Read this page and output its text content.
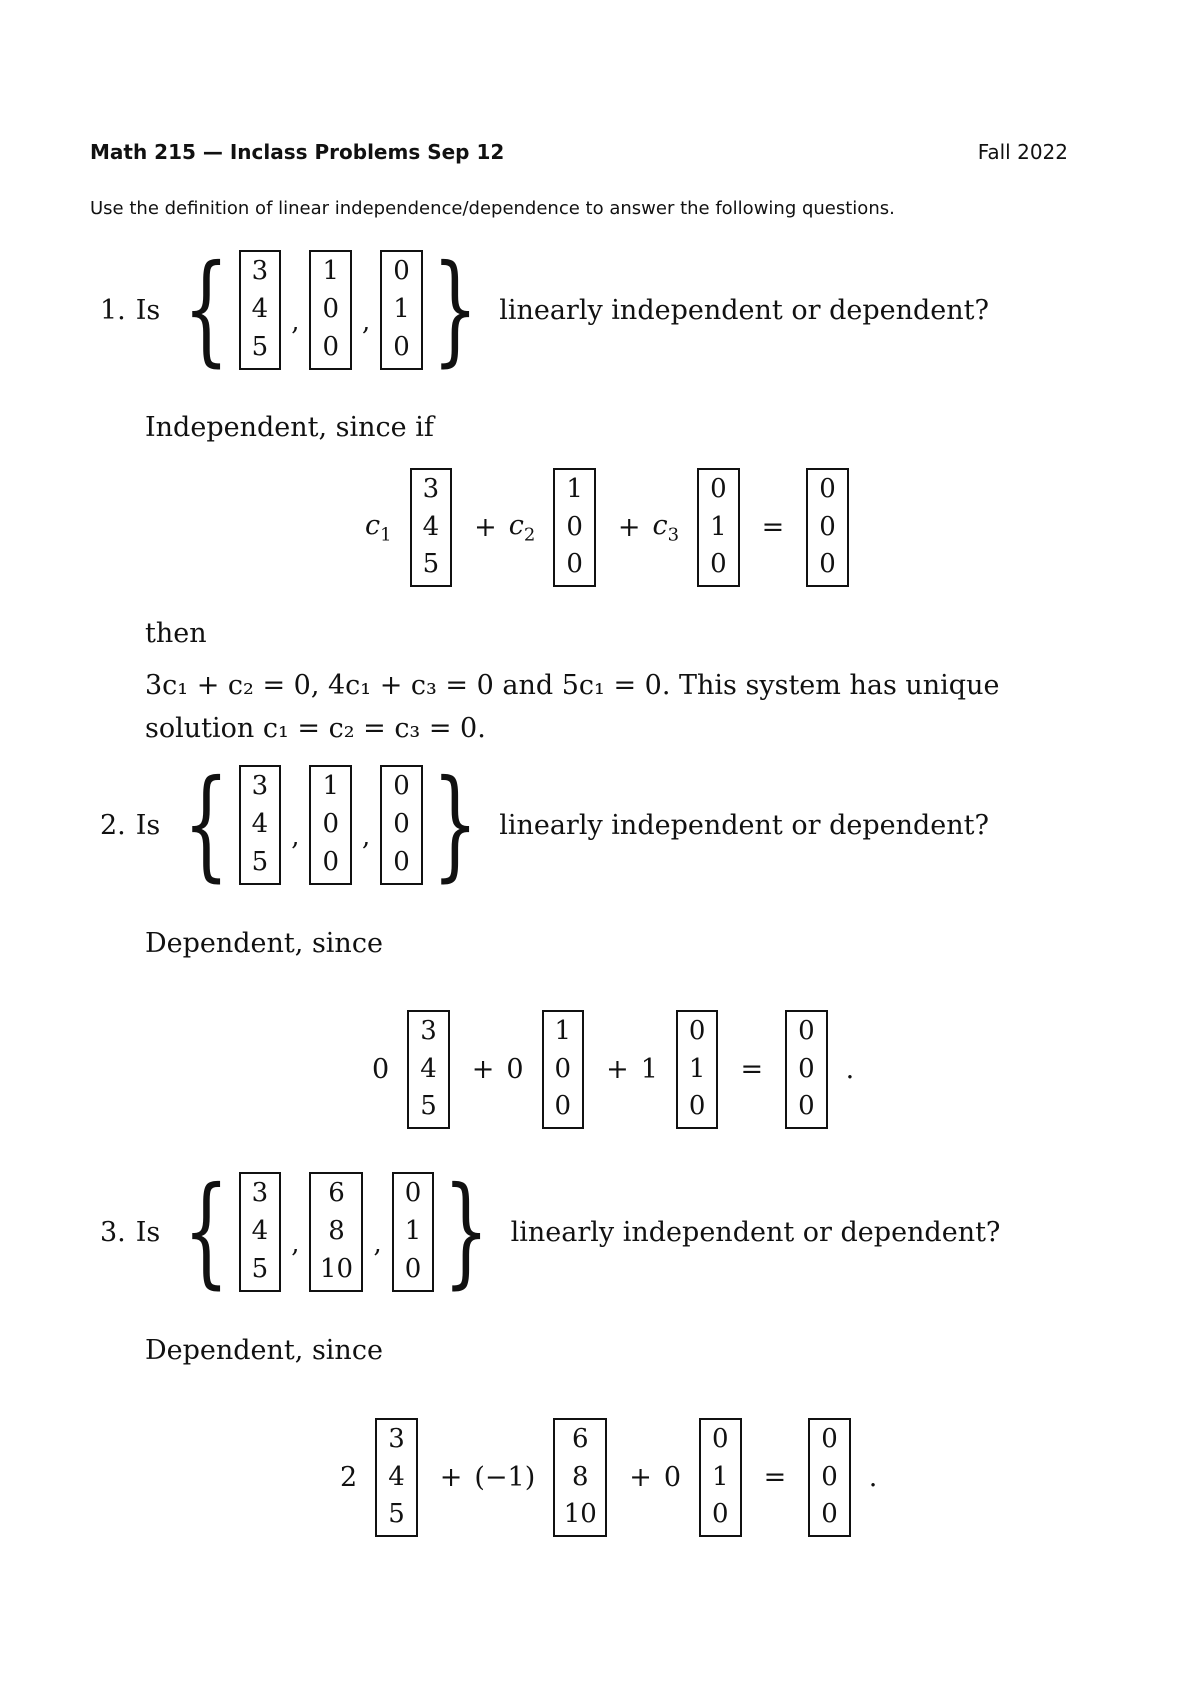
Math 215 — Inclass Problems Sep 12	Fall 2022
Use the definition of linear independence/dependence to answer the following questions.
1. Is { 3
4
5
,
1
0
0
,
0
1
0 } linearly independent or dependent?
Independent, since if
$c_1$
3
4
5
+ $c_2$
1
0
0
+ $c_3$
0
1
0
=
0
0
0
then
3c₁ + c₂ = 0, 4c₁ + c₃ = 0 and 5c₁ = 0. This system has unique
solution c₁ = c₂ = c₃ = 0.
2. Is { 3
4
5
,
1
0
0
,
0
0
0 } linearly independent or dependent?
Dependent, since
0
3
4
5
+ 0
1
0
0
+ 1
0
1
0
=
0
0
0
.
3. Is { 3
4
5
,
6
8
10
,
0
1
0 } linearly independent or dependent?
Dependent, since
2
3
4
5
+ (−1)
6
8
10
+ 0
0
1
0
=
0
0
0
.
